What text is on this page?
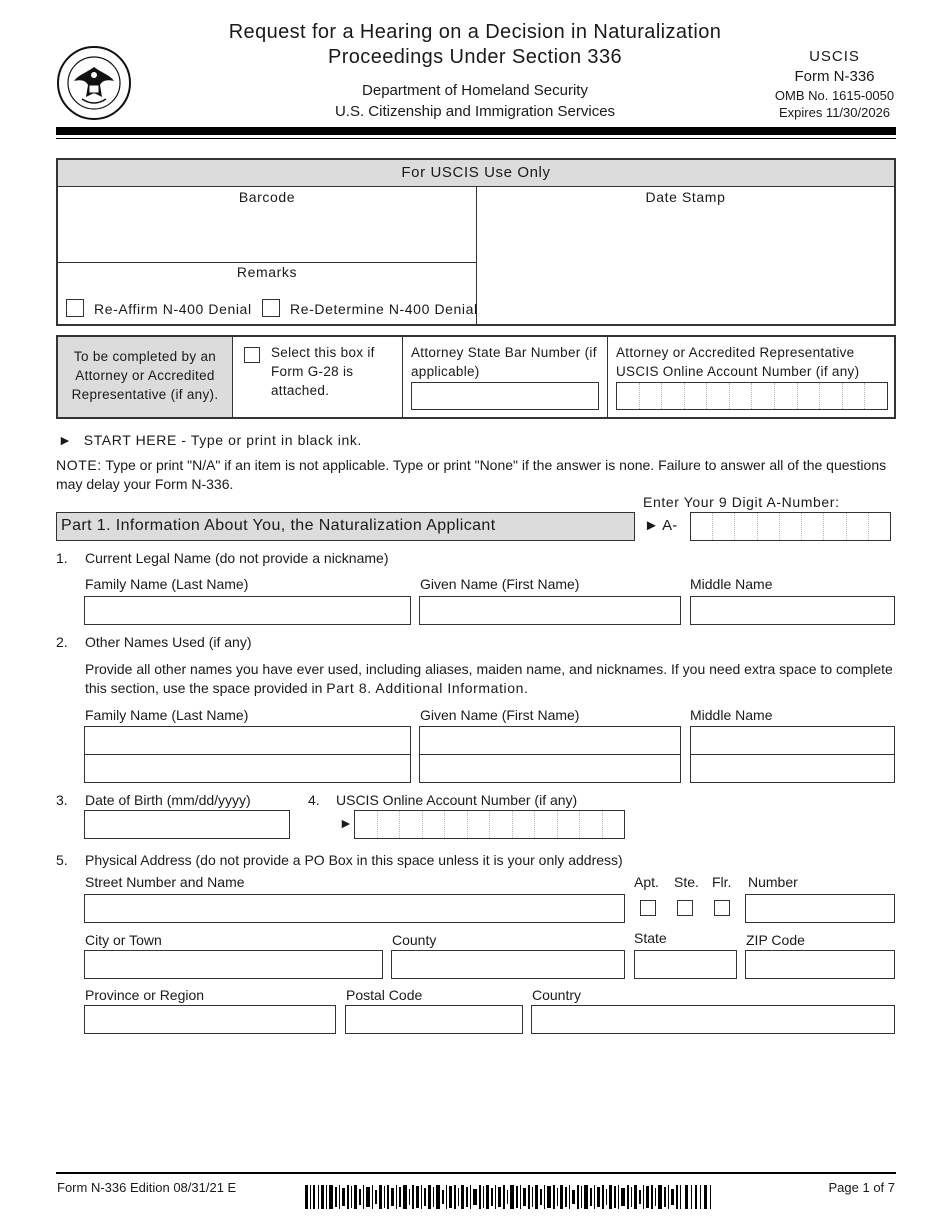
Request for a Hearing on a Decision in Naturalization
Proceedings Under Section 336
Department of Homeland Security
U.S. Citizenship and Immigration Services
USCIS
Form N-336
OMB No. 1615-0050
Expires 11/30/2026
For USCIS Use Only
Barcode	Date Stamp
Remarks
Re-Affirm N-400 Denial	Re-Determine N-400 Denial
To be completed by an Attorney or Accredited Representative (if any).
Select this box if Form G-28 is attached.
Attorney State Bar Number (if applicable)
Attorney or Accredited Representative USCIS Online Account Number (if any)
► START HERE - Type or print in black ink.
NOTE: Type or print "N/A" if an item is not applicable. Type or print "None" if the answer is none. Failure to answer all of the questions may delay your Form N-336.
Enter Your 9 Digit A-Number:
Part 1. Information About You, the Naturalization Applicant	► A-
1. Current Legal Name (do not provide a nickname)
Family Name (Last Name)	Given Name (First Name)	Middle Name
2. Other Names Used (if any)
Provide all other names you have ever used, including aliases, maiden name, and nicknames. If you need extra space to complete this section, use the space provided in Part 8. Additional Information.
Family Name (Last Name)	Given Name (First Name)	Middle Name
3. Date of Birth (mm/dd/yyyy)	4. USCIS Online Account Number (if any)
►
5. Physical Address (do not provide a PO Box in this space unless it is your only address)
Street Number and Name	Apt. Ste. Flr. Number
City or Town	County	State	ZIP Code
Province or Region	Postal Code	Country
Form N-336 Edition 08/31/21 E	Page 1 of 7
